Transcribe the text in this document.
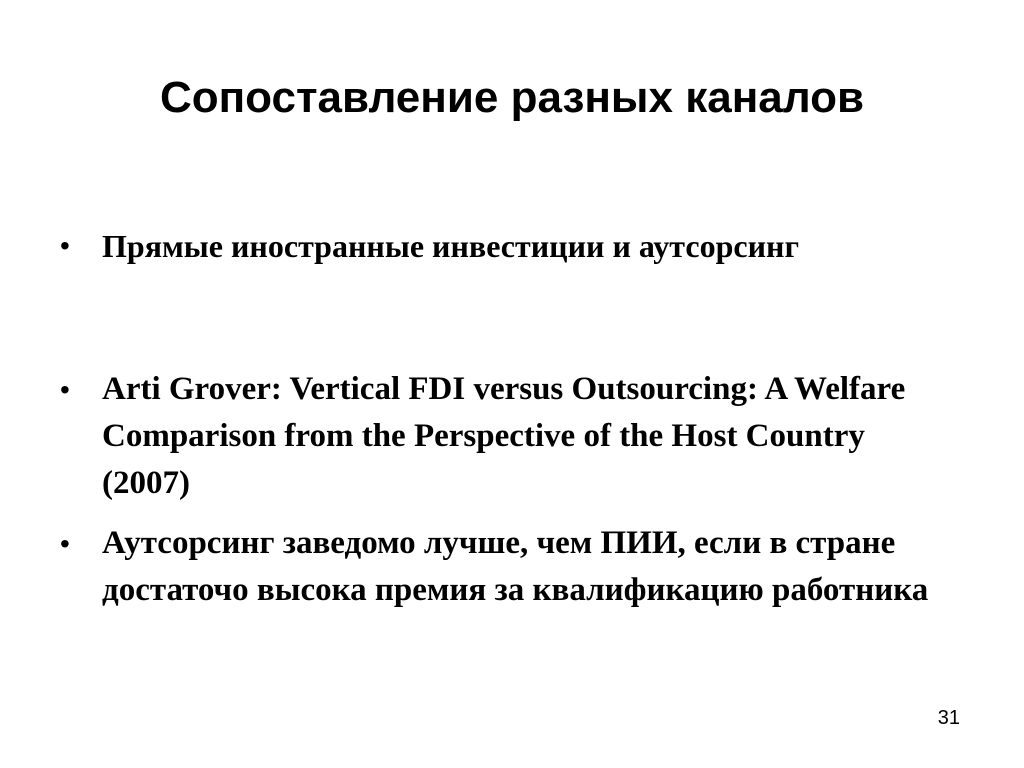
Сопоставление разных каналов
•	Прямые иностранные инвестиции и аутсорсинг
• Arti Grover: Vertical FDI versus Outsourcing: A Welfare Comparison from the Perspective of the Host Country (2007)
• Аутсорсинг заведомо лучше, чем ПИИ, если в стране достаточо высока премия за квалификацию работника
31
